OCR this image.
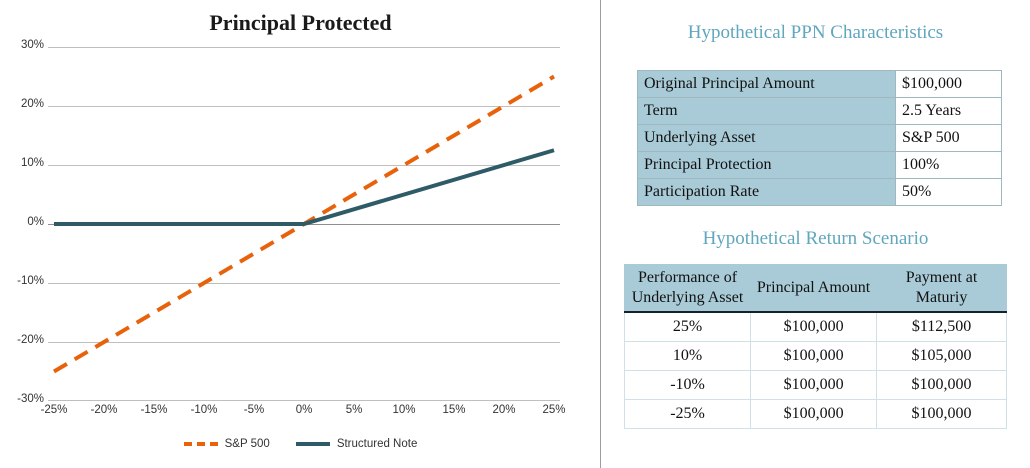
Principal Protected
30%
20%
10%
0%
-10%
-20%
-30%
-25%	-20%	-15%	-10%	-5%	0%	5%	10%	15%	20%	25%
S&P 500	Structured Note
Hypothetical PPN Characteristics
Original Principal Amount	$100,000
Term	2.5 Years
Underlying Asset	S&P 500
Principal Protection	100%
Participation Rate	50%
Hypothetical Return Scenario
Performance of Underlying Asset	Principal Amount	Payment at Maturiy
25%	$100,000	$112,500
10%	$100,000	$105,000
-10%	$100,000	$100,000
-25%	$100,000	$100,000
